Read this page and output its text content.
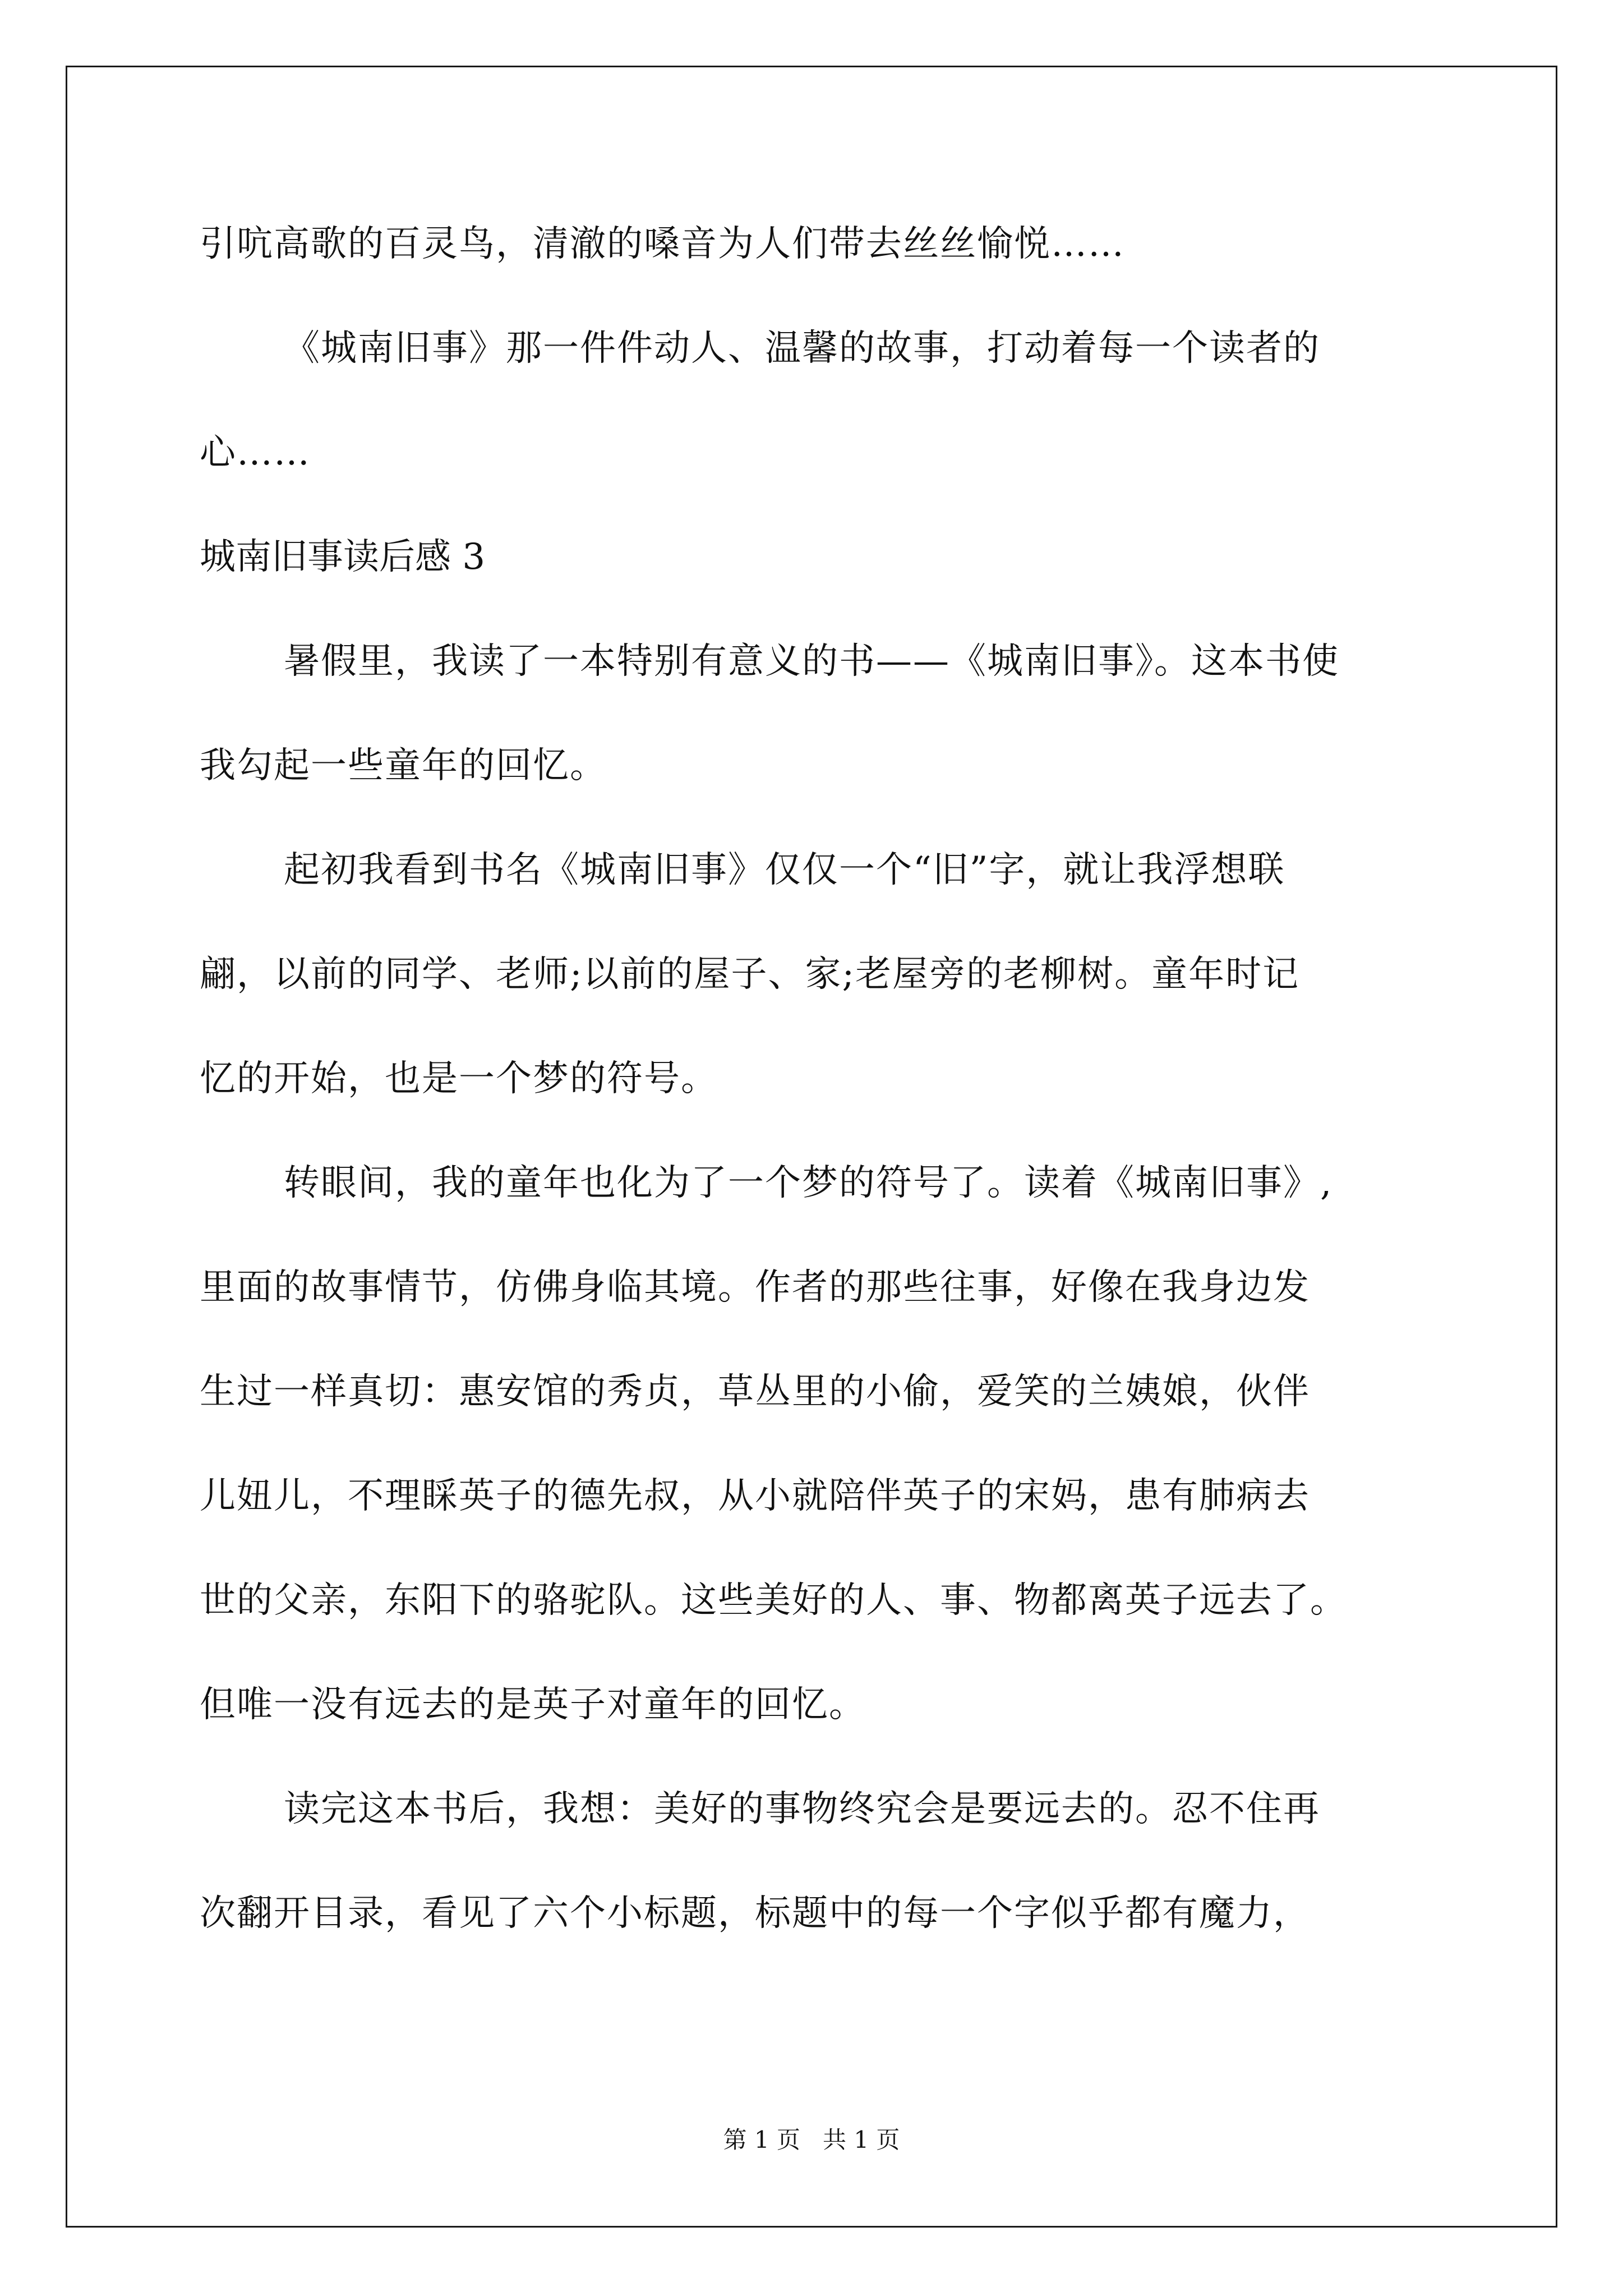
引吭高歌的百灵鸟，清澈的嗓音为人们带去丝丝愉悦……
《城南旧事》那一件件动人、温馨的故事，打动着每一个读者的
心……
城南旧事读后感 3
暑假里，我读了一本特别有意义的书——《城南旧事》。这本书使
我勾起一些童年的回忆。
起初我看到书名《城南旧事》仅仅一个“旧”字，就让我浮想联
翩，以前的同学、老师;以前的屋子、家;老屋旁的老柳树。童年时记
忆的开始，也是一个梦的符号。
转眼间，我的童年也化为了一个梦的符号了。读着《城南旧事》,
里面的故事情节，仿佛身临其境。作者的那些往事，好像在我身边发
生过一样真切：惠安馆的秀贞，草丛里的小偷，爱笑的兰姨娘，伙伴
儿妞儿，不理睬英子的德先叔，从小就陪伴英子的宋妈，患有肺病去
世的父亲，东阳下的骆驼队。这些美好的人、事、物都离英子远去了。
但唯一没有远去的是英子对童年的回忆。
读完这本书后，我想：美好的事物终究会是要远去的。忍不住再
次翻开目录，看见了六个小标题，标题中的每一个字似乎都有魔力，
第 1 页 共 1 页
